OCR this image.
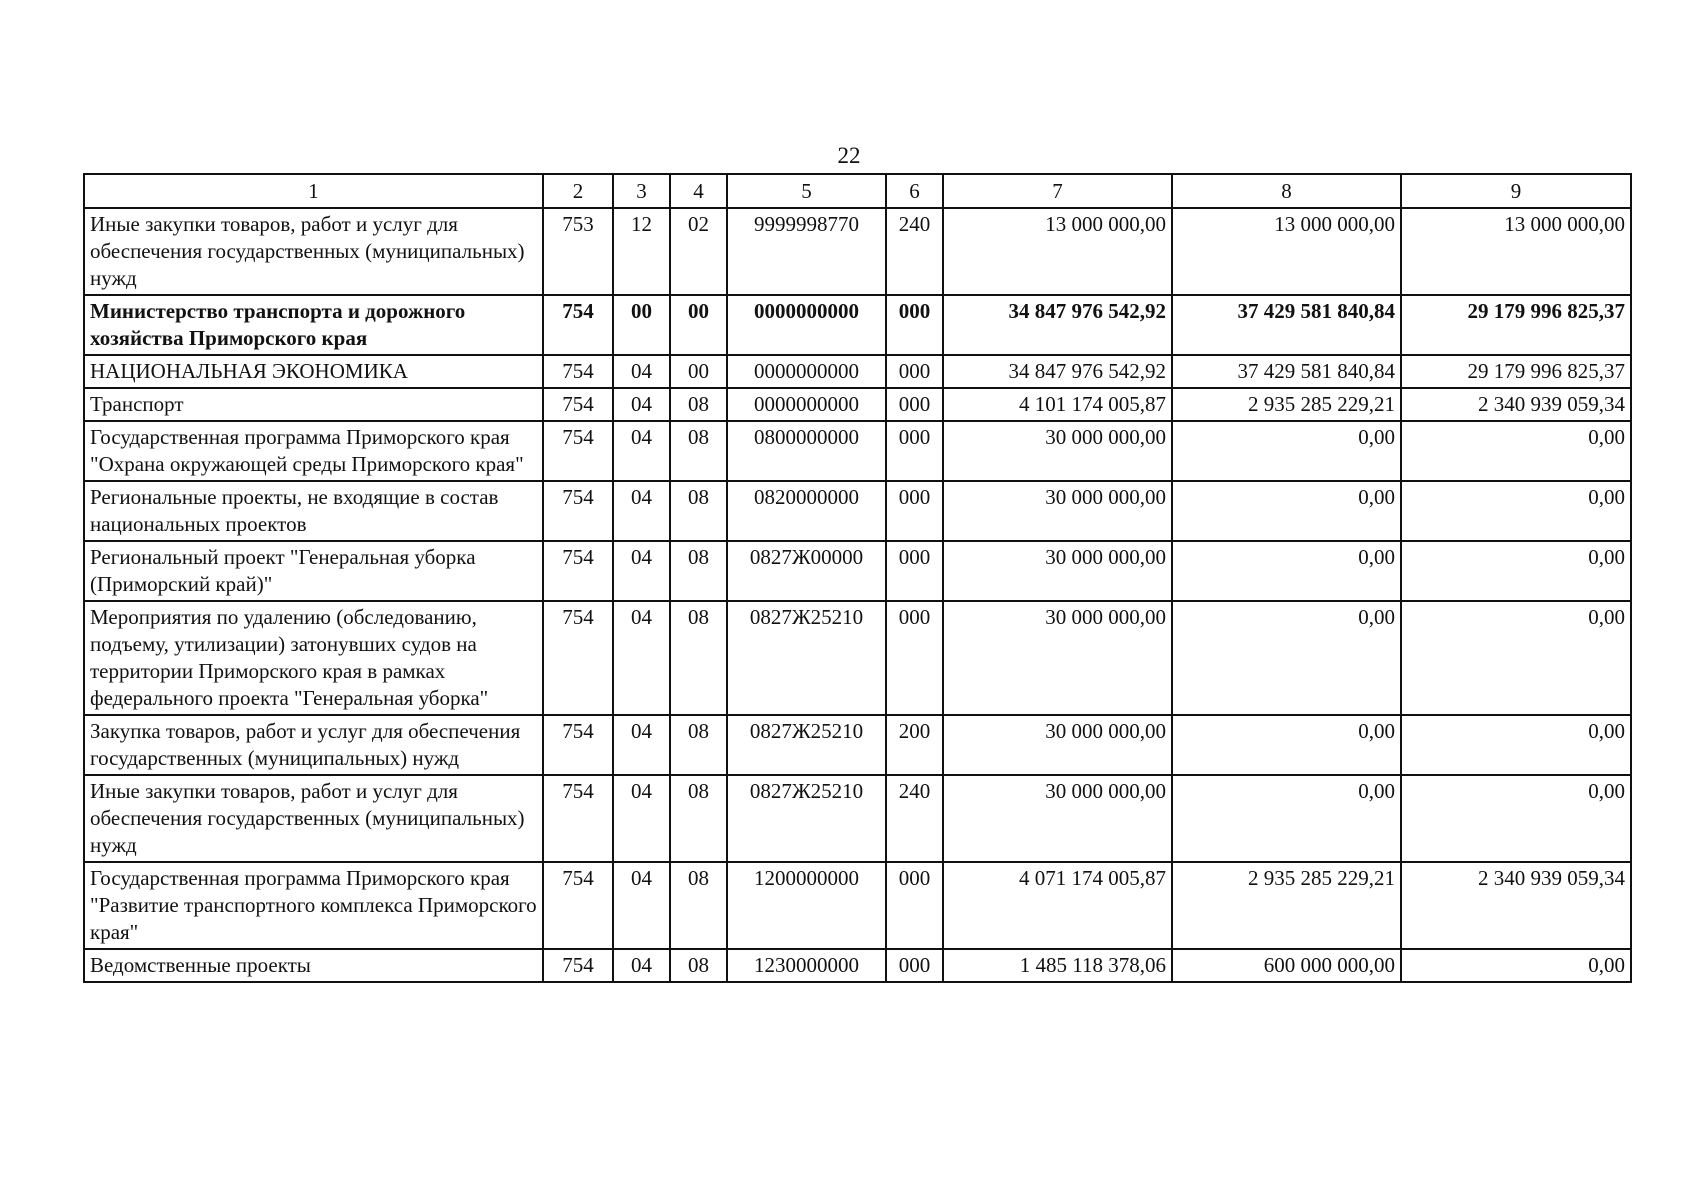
22
1	2	3	4	5	6	7	8	9
Иные закупки товаров, работ и услуг для обеспечения государственных (муниципальных) нужд	753	12	02	9999998770	240	13 000 000,00	13 000 000,00	13 000 000,00
Министерство транспорта и дорожного хозяйства Приморского края	754	00	00	0000000000	000	34 847 976 542,92	37 429 581 840,84	29 179 996 825,37
НАЦИОНАЛЬНАЯ ЭКОНОМИКА	754	04	00	0000000000	000	34 847 976 542,92	37 429 581 840,84	29 179 996 825,37
Транспорт	754	04	08	0000000000	000	4 101 174 005,87	2 935 285 229,21	2 340 939 059,34
Государственная программа Приморского края "Охрана окружающей среды Приморского края"	754	04	08	0800000000	000	30 000 000,00	0,00	0,00
Региональные проекты, не входящие в состав национальных проектов	754	04	08	0820000000	000	30 000 000,00	0,00	0,00
Региональный проект "Генеральная уборка (Приморский край)"	754	04	08	0827Ж00000	000	30 000 000,00	0,00	0,00
Мероприятия по удалению (обследованию, подъему, утилизации) затонувших судов на территории Приморского края в рамках федерального проекта "Генеральная уборка"	754	04	08	0827Ж25210	000	30 000 000,00	0,00	0,00
Закупка товаров, работ и услуг для обеспечения государственных (муниципальных) нужд	754	04	08	0827Ж25210	200	30 000 000,00	0,00	0,00
Иные закупки товаров, работ и услуг для обеспечения государственных (муниципальных) нужд	754	04	08	0827Ж25210	240	30 000 000,00	0,00	0,00
Государственная программа Приморского края "Развитие транспортного комплекса Приморского края"	754	04	08	1200000000	000	4 071 174 005,87	2 935 285 229,21	2 340 939 059,34
Ведомственные проекты	754	04	08	1230000000	000	1 485 118 378,06	600 000 000,00	0,00
